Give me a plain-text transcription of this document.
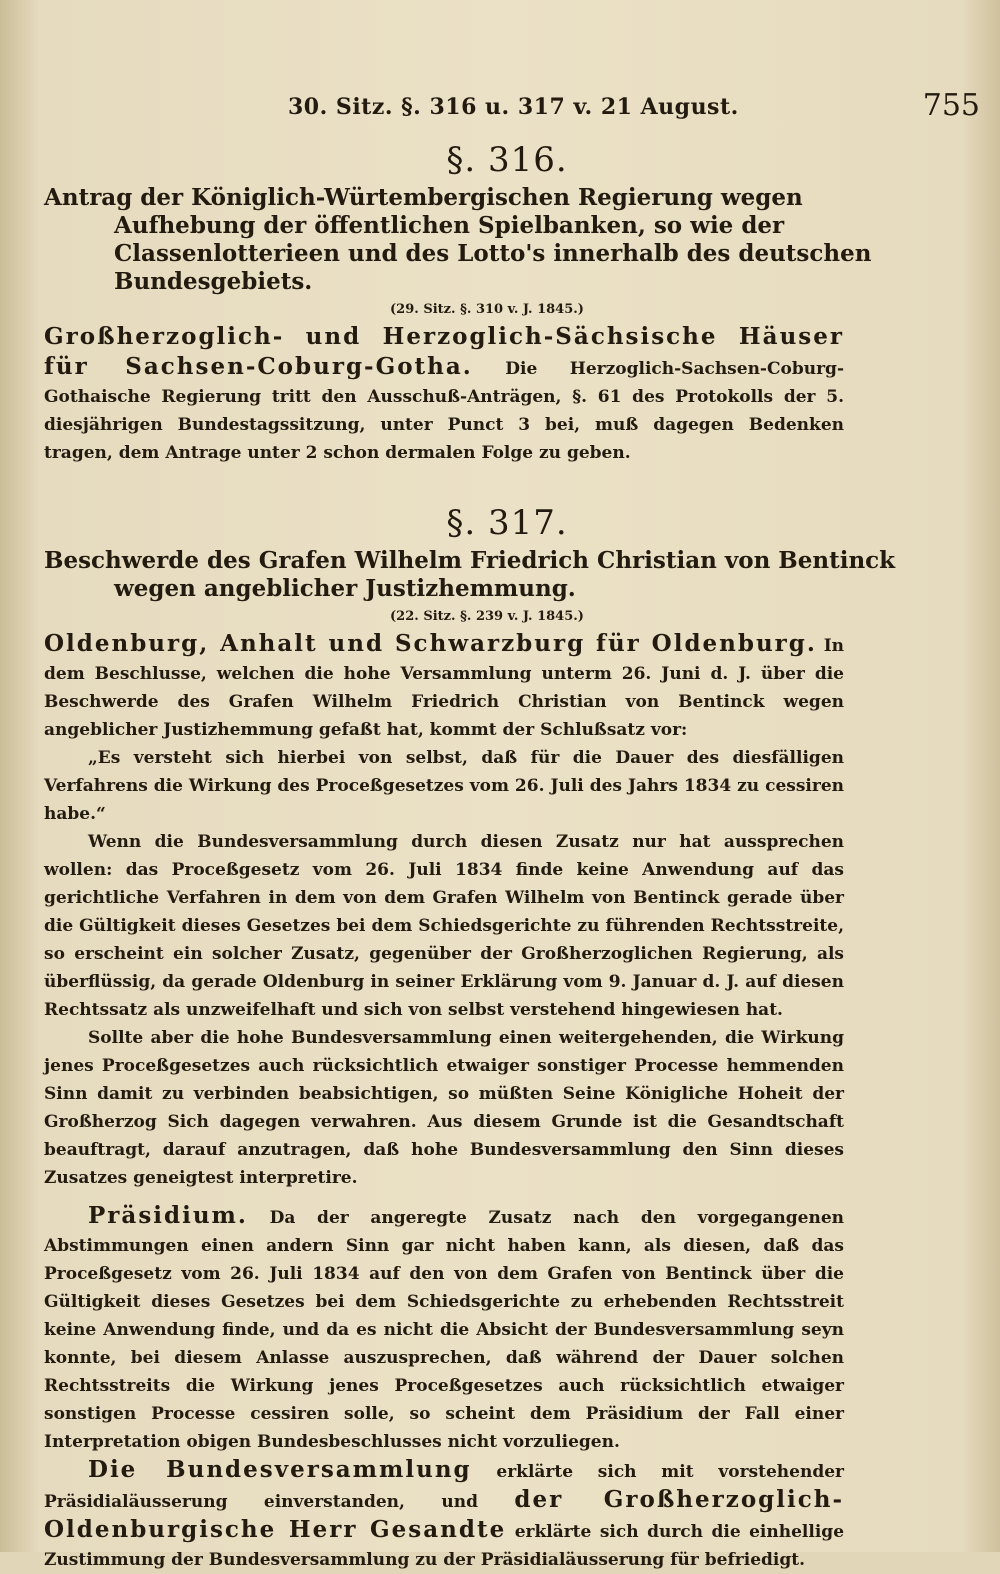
30. Sitz. §. 316 u. 317 v. 21 August.	755
§. 316.

Antrag der Königlich-Würtembergischen Regierung wegen Aufhebung der öffentlichen Spielbanken, so wie der Classenlotterieen und des Lotto's innerhalb des deutschen Bundesgebiets.

(29. Sitz. §. 310 v. J. 1845.)

Großherzoglich- und Herzoglich-Sächsische Häuser für Sachsen-Coburg-Gotha. Die Herzoglich-Sachsen-Coburg-Gothaische Regierung tritt den Ausschuß-Anträgen, §. 61 des Protokolls der 5. diesjährigen Bundestagssitzung, unter Punct 3 bei, muß dagegen Bedenken tragen, dem Antrage unter 2 schon dermalen Folge zu geben.

§. 317.

Beschwerde des Grafen Wilhelm Friedrich Christian von Bentinck wegen angeblicher Justizhemmung.

(22. Sitz. §. 239 v. J. 1845.)

Oldenburg, Anhalt und Schwarzburg für Oldenburg. In dem Beschlusse, welchen die hohe Versammlung unterm 26. Juni d. J. über die Beschwerde des Grafen Wilhelm Friedrich Christian von Bentinck wegen angeblicher Justizhemmung gefaßt hat, kommt der Schlußsatz vor:

„Es versteht sich hierbei von selbst, daß für die Dauer des diesfälligen Verfahrens die Wirkung des Proceßgesetzes vom 26. Juli des Jahrs 1834 zu cessiren habe.“

Wenn die Bundesversammlung durch diesen Zusatz nur hat aussprechen wollen: das Proceßgesetz vom 26. Juli 1834 finde keine Anwendung auf das gerichtliche Verfahren in dem von dem Grafen Wilhelm von Bentinck gerade über die Gültigkeit dieses Gesetzes bei dem Schiedsgerichte zu führenden Rechtsstreite, so erscheint ein solcher Zusatz, gegenüber der Großherzoglichen Regierung, als überflüssig, da gerade Oldenburg in seiner Erklärung vom 9. Januar d. J. auf diesen Rechtssatz als unzweifelhaft und sich von selbst verstehend hingewiesen hat.

Sollte aber die hohe Bundesversammlung einen weitergehenden, die Wirkung jenes Proceßgesetzes auch rücksichtlich etwaiger sonstiger Processe hemmenden Sinn damit zu verbinden beabsichtigen, so müßten Seine Königliche Hoheit der Großherzog Sich dagegen verwahren. Aus diesem Grunde ist die Gesandtschaft beauftragt, darauf anzutragen, daß hohe Bundesversammlung den Sinn dieses Zusatzes geneigtest interpretire.

Präsidium. Da der angeregte Zusatz nach den vorgegangenen Abstimmungen einen andern Sinn gar nicht haben kann, als diesen, daß das Proceßgesetz vom 26. Juli 1834 auf den von dem Grafen von Bentinck über die Gültigkeit dieses Gesetzes bei dem Schiedsgerichte zu erhebenden Rechtsstreit keine Anwendung finde, und da es nicht die Absicht der Bundesversammlung seyn konnte, bei diesem Anlasse auszusprechen, daß während der Dauer solchen Rechtsstreits die Wirkung jenes Proceßgesetzes auch rücksichtlich etwaiger sonstigen Processe cessiren solle, so scheint dem Präsidium der Fall einer Interpretation obigen Bundesbeschlusses nicht vorzuliegen.

Die Bundesversammlung erklärte sich mit vorstehender Präsidialäusserung einverstanden, und der Großherzoglich-Oldenburgische Herr Gesandte erklärte sich durch die einhellige Zustimmung der Bundesversammlung zu der Präsidialäusserung für befriedigt.
